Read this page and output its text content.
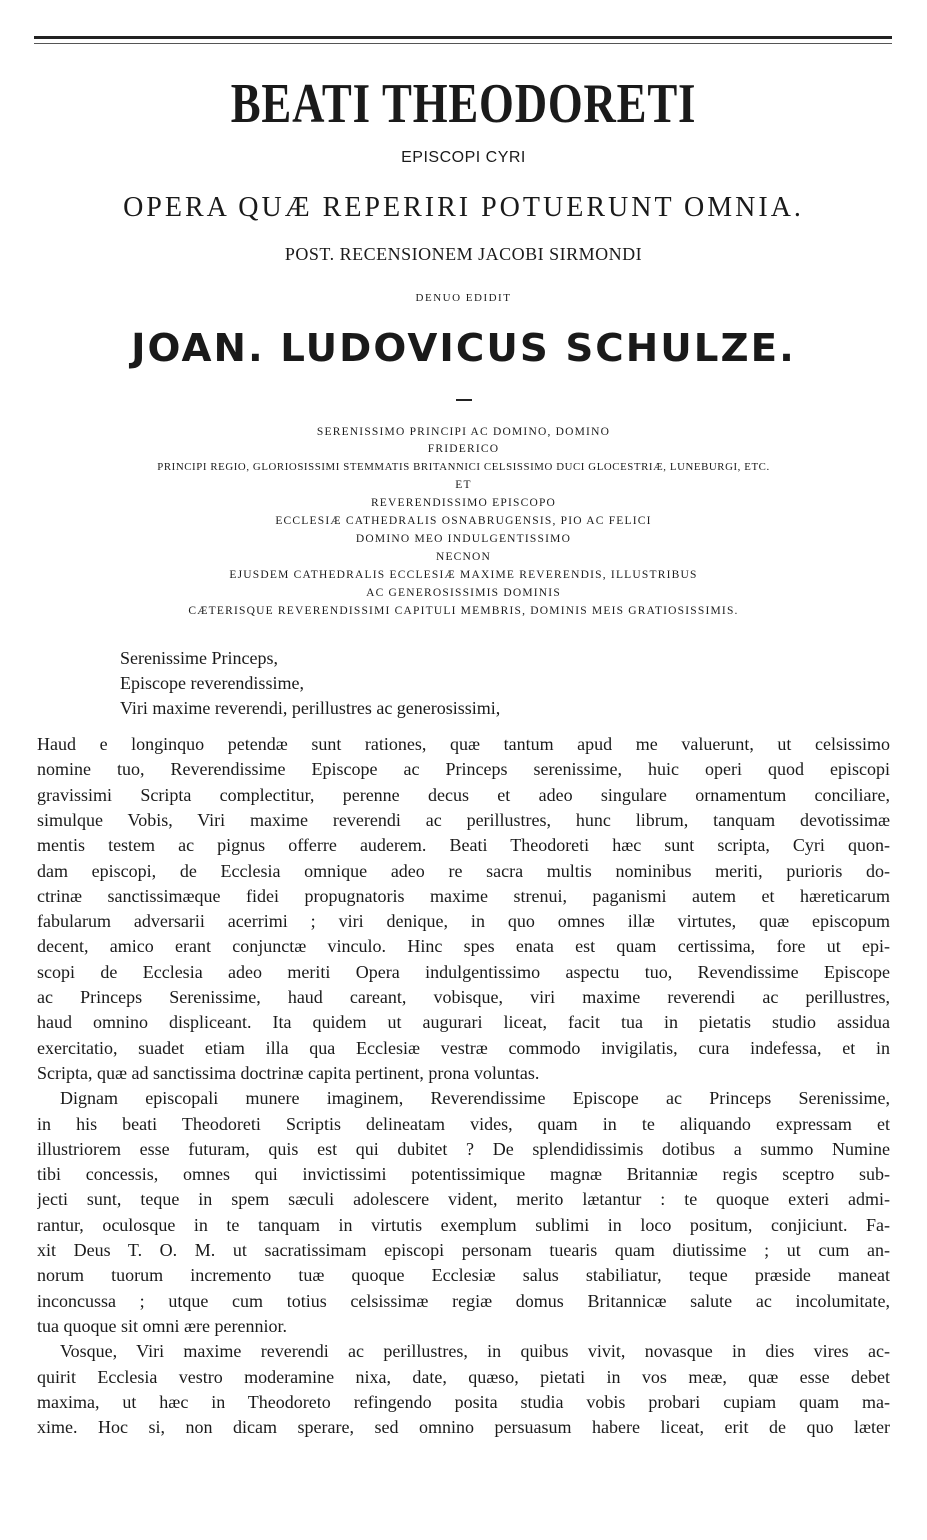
BEATI THEODORETI
EPISCOPI CYRI
OPERA QUÆ REPERIRI POTUERUNT OMNIA.
POST. RECENSIONEM JACOBI SIRMONDI
DENUO EDIDIT
JOAN. LUDOVICUS SCHULZE.
SERENISSIMO PRINCIPI AC DOMINO, DOMINO
FRIDERICO
PRINCIPI REGIO, GLORIOSISSIMI STEMMATIS BRITANNICI CELSISSIMO DUCI GLOCESTRIÆ, LUNEBURGI, ETC.
ET
REVERENDISSIMO EPISCOPO
ECCLESIÆ CATHEDRALIS OSNABRUGENSIS, PIO AC FELICI
DOMINO MEO INDULGENTISSIMO
NECNON
EJUSDEM CATHEDRALIS ECCLESIÆ MAXIME REVERENDIS, ILLUSTRIBUS
AC GENEROSISSIMIS DOMINIS
CÆTERISQUE REVERENDISSIMI CAPITULI MEMBRIS, DOMINIS MEIS GRATIOSISSIMIS.
Serenissime Princeps,
Episcope reverendissime,
Viri maxime reverendi, perillustres ac generosissimi,
Haud e longinquo petendæ sunt rationes, quæ tantum apud me valuerunt, ut celsissimo
nomine tuo, Reverendissime Episcope ac Princeps serenissime, huic operi quod episcopi
gravissimi Scripta complectitur, perenne decus et adeo singulare ornamentum conciliare,
simulque Vobis, Viri maxime reverendi ac perillustres, hunc librum, tanquam devotissimæ
mentis testem ac pignus offerre auderem. Beati Theodoreti hæc sunt scripta, Cyri quon-
dam episcopi, de Ecclesia omnique adeo re sacra multis nominibus meriti, purioris do-
ctrinæ sanctissimæque fidei propugnatoris maxime strenui, paganismi autem et hæreticarum
fabularum adversarii acerrimi ; viri denique, in quo omnes illæ virtutes, quæ episcopum
decent, amico erant conjunctæ vinculo. Hinc spes enata est quam certissima, fore ut epi-
scopi de Ecclesia adeo meriti Opera indulgentissimo aspectu tuo, Revendissime Episcope
ac Princeps Serenissime, haud careant, vobisque, viri maxime reverendi ac perillustres,
haud omnino displiceant. Ita quidem ut augurari liceat, facit tua in pietatis studio assidua
exercitatio, suadet etiam illa qua Ecclesiæ vestræ commodo invigilatis, cura indefessa, et in
Scripta, quæ ad sanctissima doctrinæ capita pertinent, prona voluntas.
Dignam episcopali munere imaginem, Reverendissime Episcope ac Princeps Serenissime,
in his beati Theodoreti Scriptis delineatam vides, quam in te aliquando expressam et
illustriorem esse futuram, quis est qui dubitet ? De splendidissimis dotibus a summo Numine
tibi concessis, omnes qui invictissimi potentissimique magnæ Britanniæ regis sceptro sub-
jecti sunt, teque in spem sæculi adolescere vident, merito lætantur : te quoque exteri admi-
rantur, oculosque in te tanquam in virtutis exemplum sublimi in loco positum, conjiciunt. Fa-
xit Deus T. O. M. ut sacratissimam episcopi personam tuearis quam diutissime ; ut cum an-
norum tuorum incremento tuæ quoque Ecclesiæ salus stabiliatur, teque præside maneat
inconcussa ; utque cum totius celsissimæ regiæ domus Britannicæ salute ac incolumitate,
tua quoque sit omni ære perennior.
Vosque, Viri maxime reverendi ac perillustres, in quibus vivit, novasque in dies vires ac-
quirit Ecclesia vestro moderamine nixa, date, quæso, pietati in vos meæ, quæ esse debet
maxima, ut hæc in Theodoreto refingendo posita studia vobis probari cupiam quam ma-
xime. Hoc si, non dicam sperare, sed omnino persuasum habere liceat, erit de quo læter
